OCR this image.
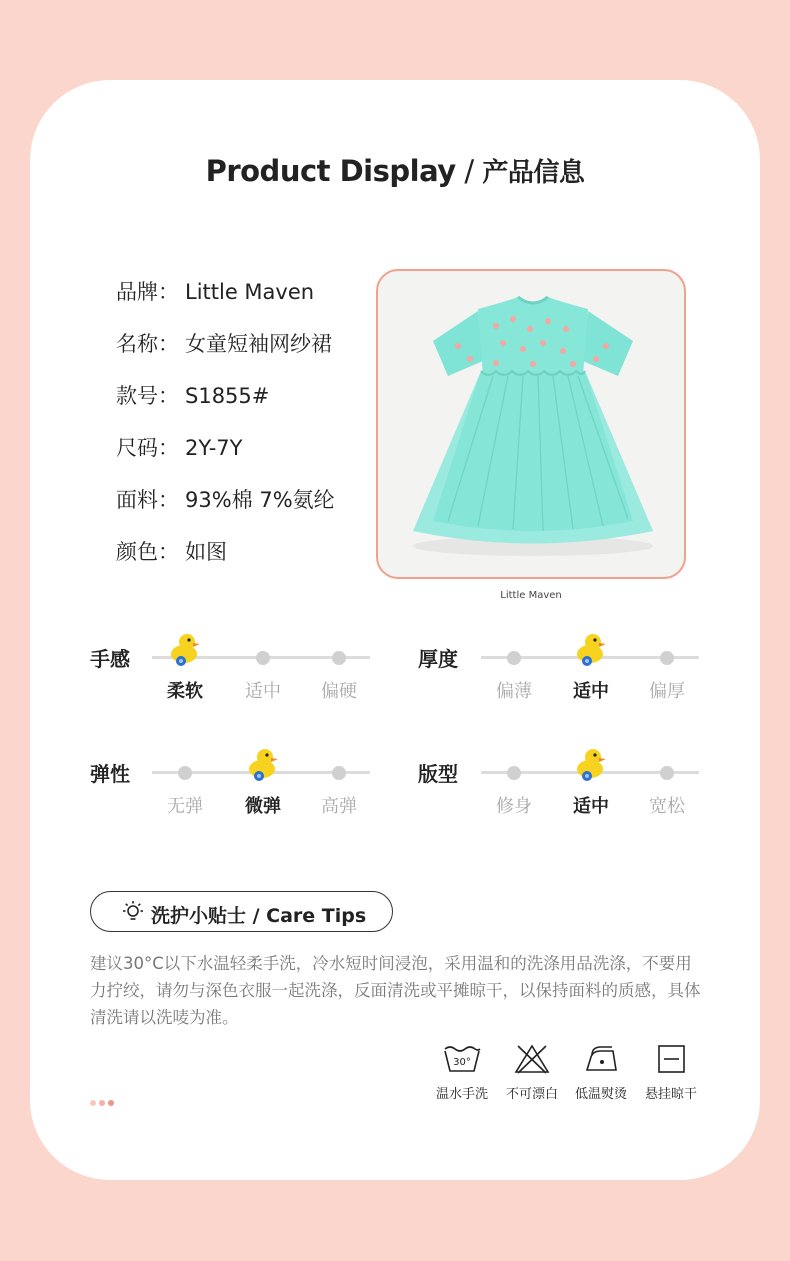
Product Display / 产品信息
品牌： Little Maven
名称： 女童短袖网纱裙
款号： S1855#
尺码： 2Y-7Y
面料： 93%棉 7%氨纶
颜色： 如图
Little Maven
手感
柔软	适中	偏硬
厚度
偏薄	适中	偏厚
弹性
无弹	微弹	高弹
版型
修身	适中	宽松
洗护小贴士 / Care Tips
建议30°C以下水温轻柔手洗，冷水短时间浸泡，采用温和的洗涤用品洗涤，不要用力拧绞，请勿与深色衣服一起洗涤，反面清洗或平摊晾干，以保持面料的质感，具体清洗请以洗唛为准。
30°
温水手洗	不可漂白	低温熨烫	悬挂晾干
